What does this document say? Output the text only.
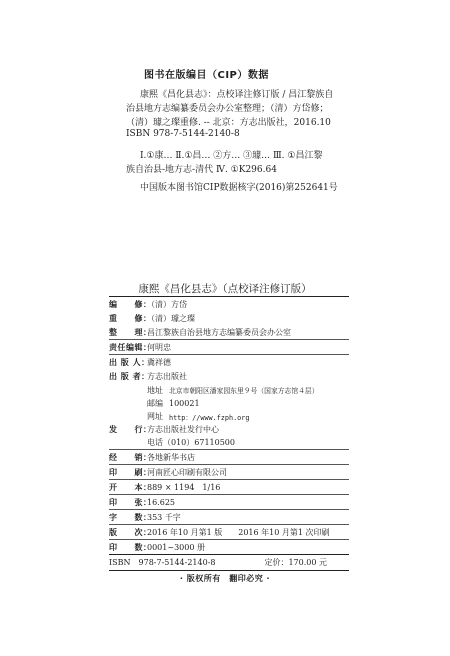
图书在版编目（CIP）数据
康熙《昌化县志》：点校译注修订版 / 昌江黎族自
治县地方志编纂委员会办公室整理；（清）方岱修；
（清）璩之璨重修. -- 北京：方志出版社，2016.10
ISBN 978-7-5144-2140-8
Ⅰ.①康… Ⅱ.①昌… ②方… ③璩… Ⅲ. ①昌江黎
族自治县-地方志-清代 Ⅳ. ①K296.64
中国版本图书馆CIP数据核字(2016)第252641号
康熙《昌化县志》（点校译注修订版）
编　　修：
（清）方岱
重　　修：
（清）璩之璨
整　　理：
昌江黎族自治县地方志编纂委员会办公室
责任编辑：
何明忠
出 版 人：
冀祥德
出 版 者：
方志出版社
地址 北京市朝阳区潘家园东里９号（国家方志馆４层）
邮编 100021
网址 http：//www.fzph.org
发　　行：
方志出版社发行中心
电话（010）67110500
经　　销：
各地新华书店
印　　刷：
河南匠心印刷有限公司
开　　本：
889 × 1194　1/16
印　　张：
16.625
字　　数：
353 千字
版　　次：
2016 年10 月第1 版　　2016 年10 月第1 次印刷
印　　数：
0001~3000 册
ISBN　978-7-5144-2140-8	定价：170.00 元
· 版权所有　翻印必究 ·
